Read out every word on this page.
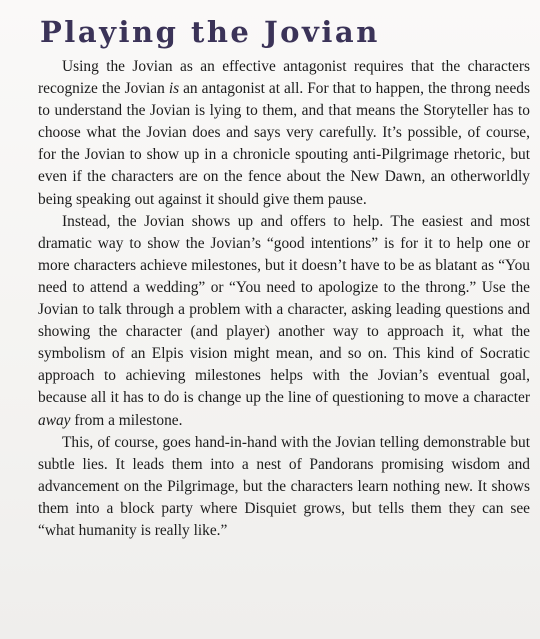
Playing the Jovian

Using the Jovian as an effective antagonist requires that the characters recognize the Jovian is an antagonist at all. For that to happen, the throng needs to understand the Jovian is lying to them, and that means the Storyteller has to choose what the Jovian does and says very carefully. It’s possible, of course, for the Jovian to show up in a chronicle spouting anti-Pilgrimage rhetoric, but even if the characters are on the fence about the New Dawn, an otherworldly being speaking out against it should give them pause.

Instead, the Jovian shows up and offers to help. The easiest and most dramatic way to show the Jovian’s “good intentions” is for it to help one or more characters achieve milestones, but it doesn’t have to be as blatant as “You need to attend a wedding” or “You need to apologize to the throng.” Use the Jovian to talk through a problem with a character, asking leading questions and showing the character (and player) another way to approach it, what the symbolism of an Elpis vision might mean, and so on. This kind of Socratic approach to achieving milestones helps with the Jovian’s eventual goal, because all it has to do is change up the line of questioning to move a character away from a milestone.

This, of course, goes hand-in-hand with the Jovian telling demonstrable but subtle lies. It leads them into a nest of Pandorans promising wisdom and advancement on the Pilgrimage, but the characters learn nothing new. It shows them into a block party where Disquiet grows, but tells them they can see “what humanity is really like.”
